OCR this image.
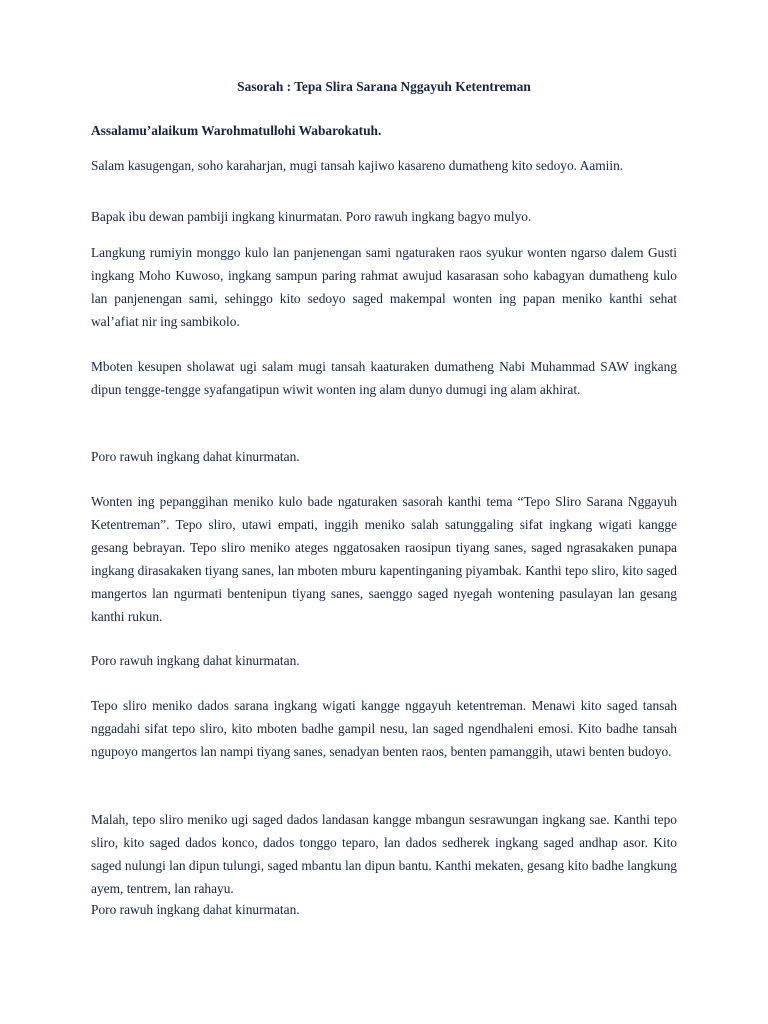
Sasorah : Tepa Slira Sarana Nggayuh Ketentreman

Assalamu’alaikum Warohmatullohi Wabarokatuh.

Salam kasugengan, soho karaharjan, mugi tansah kajiwo kasareno dumatheng kito sedoyo. Aamiin.

Bapak ibu dewan pambiji ingkang kinurmatan. Poro rawuh ingkang bagyo mulyo.

Langkung rumiyin monggo kulo lan panjenengan sami ngaturaken raos syukur wonten ngarso dalem Gusti ingkang Moho Kuwoso, ingkang sampun paring rahmat awujud kasarasan soho kabagyan dumatheng kulo lan panjenengan sami, sehinggo kito sedoyo saged makempal wonten ing papan meniko kanthi sehat wal’afiat nir ing sambikolo.

Mboten kesupen sholawat ugi salam mugi tansah kaaturaken dumatheng Nabi Muhammad SAW ingkang dipun tengge-tengge syafangatipun wiwit wonten ing alam dunyo dumugi ing alam akhirat.

Poro rawuh ingkang dahat kinurmatan.

Wonten ing pepanggihan meniko kulo bade ngaturaken sasorah kanthi tema “Tepo Sliro Sarana Nggayuh Ketentreman”. Tepo sliro, utawi empati, inggih meniko salah satunggaling sifat ingkang wigati kangge gesang bebrayan. Tepo sliro meniko ateges nggatosaken raosipun tiyang sanes, saged ngrasakaken punapa ingkang dirasakaken tiyang sanes, lan mboten mburu kapentinganing piyambak. Kanthi tepo sliro, kito saged mangertos lan ngurmati bentenipun tiyang sanes, saenggo saged nyegah wontening pasulayan lan gesang kanthi rukun.

Poro rawuh ingkang dahat kinurmatan.

Tepo sliro meniko dados sarana ingkang wigati kangge nggayuh ketentreman. Menawi kito saged tansah nggadahi sifat tepo sliro, kito mboten badhe gampil nesu, lan saged ngendhaleni emosi. Kito badhe tansah ngupoyo mangertos lan nampi tiyang sanes, senadyan benten raos, benten pamanggih, utawi benten budoyo.

Malah, tepo sliro meniko ugi saged dados landasan kangge mbangun sesrawungan ingkang sae. Kanthi tepo sliro, kito saged dados konco, dados tonggo teparo, lan dados sedherek ingkang saged andhap asor. Kito saged nulungi lan dipun tulungi, saged mbantu lan dipun bantu. Kanthi mekaten, gesang kito badhe langkung ayem, tentrem, lan rahayu.

Poro rawuh ingkang dahat kinurmatan.
